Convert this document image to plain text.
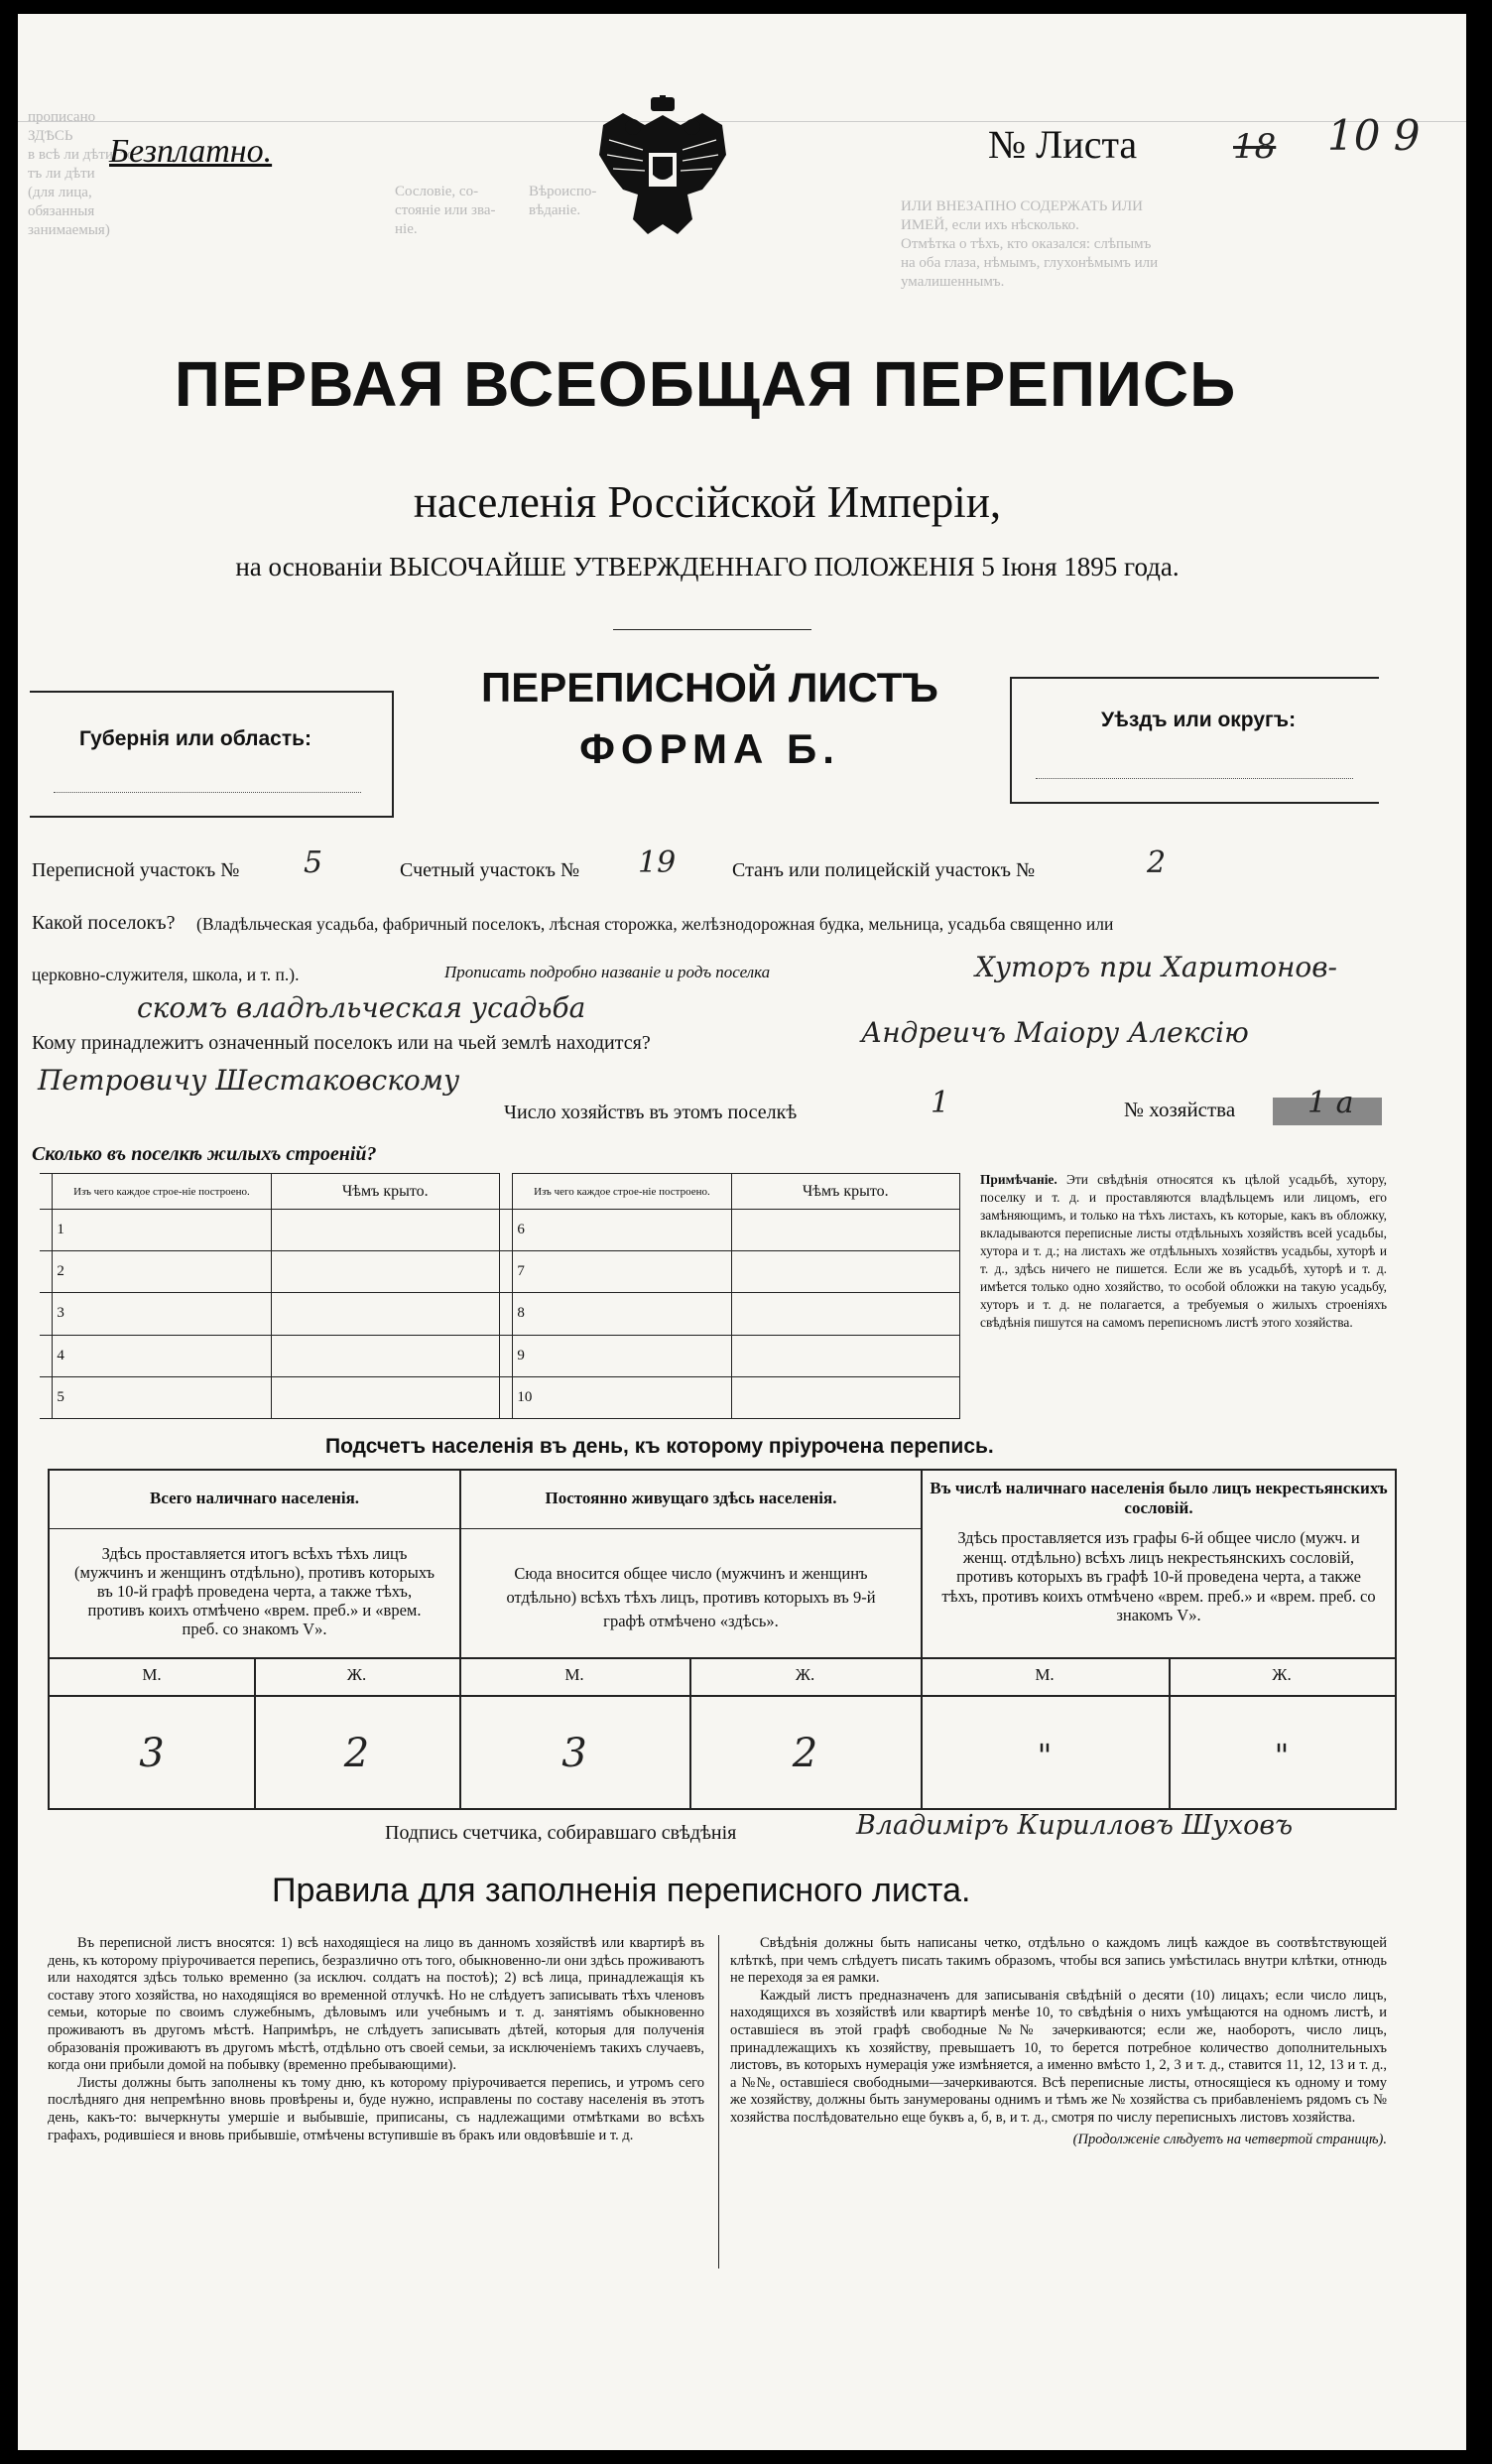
прописано ЗДѢСЬ
в всѣ ли дѣти, то
тъ ли дѣти
(для лица, обязанныя
занимаемыя)
Сословіе, со-
стояніе или зва-
ніе.
Вѣроиспо-
вѣданіе.	ИЛИ ВНЕЗАПНО СОДЕРЖАТЬ ИЛИ
ИМЕЙ, если ихъ нѣсколько.
Отмѣтка о тѣхъ, кто оказался: слѣпымъ
на оба глаза, нѣмымъ, глухонѣмымъ или
умалишеннымъ.
Безплатно.	№ Листа	18 10 9
ПЕРВАЯ ВСЕОБЩАЯ ПЕРЕПИСЬ
населенія Россійской Имперіи,
на основаніи ВЫСОЧАЙШЕ УТВЕРЖДЕННАГО ПОЛОЖЕНІЯ 5 Іюня 1895 года.
Губернія или область:
ПЕРЕПИСНОЙ ЛИСТЪ
ФОРМА Б.
Уѣздъ или округъ:
Переписной участокъ № 5	Счетный участокъ № 19	Станъ или полицейскій участокъ №	2
Какой поселокъ? (Владѣльческая усадьба, фабричный поселокъ, лѣсная сторожка, желѣзнодорожная будка, мельница, усадьба священно или
церковно-служителя, школа, и т. п.).	Прописать подробно названіе и родъ поселка	Хуторъ при Харитонов-
скомъ владѣльческая усадьба
Кому принадлежитъ означенный поселокъ или на чьей землѣ находится?	Андреичъ Маіору Алексію
Петровичу Шестаковскому
Число хозяйствъ въ этомъ поселкѣ	1	№ хозяйства 1 а
Сколько въ поселкѣ жилыхъ строеній?
	Изъ чего каждое строе-ніе построено.	Чѣмъ крыто.		Изъ чего каждое строе-ніе построено.	Чѣмъ крыто.
	1			6	
	2			7	
	3			8	
	4			9	
	5			10	
Примѣчаніе. Эти свѣдѣнія относятся къ цѣлой усадьбѣ, хутору, поселку и т. д. и проставляются владѣльцемъ или лицомъ, его замѣняющимъ, и только на тѣхъ листахъ, къ которые, какъ въ обложку, вкладываются переписные листы отдѣльныхъ хозяйствъ всей усадьбы, хутора и т. д.; на листахъ же отдѣльныхъ хозяйствъ усадьбы, хуторѣ и т. д., здѣсь ничего не пишется. Если же въ усадьбѣ, хуторѣ и т. д. имѣется только одно хозяйство, то особой обложки на такую усадьбу, хуторъ и т. д. не полагается, а требуемыя о жилыхъ строеніяхъ свѣдѣнія пишутся на самомъ переписномъ листѣ этого хозяйства.
Подсчетъ населенія въ день, къ которому пріурочена перепись.
Всего наличнаго населенія.
Здѣсь проставляется итогъ всѣхъ тѣхъ лицъ (мужчинъ и женщинъ отдѣльно), противъ которыхъ въ 10-й графѣ проведена черта, а также тѣхъ, противъ коихъ отмѣчено «врем. преб.» и «врем. преб. со знакомъ V».
Постоянно живущаго здѣсь населенія.
Сюда вносится общее число (мужчинъ и женщинъ отдѣльно) всѣхъ тѣхъ лицъ, противъ которыхъ въ 9-й графѣ отмѣчено «здѣсь».
Въ числѣ наличнаго населенія было лицъ некрестьянскихъ сословій.
Здѣсь проставляется изъ графы 6-й общее число (мужч. и женщ. отдѣльно) всѣхъ лицъ некрестьянскихъ сословій, противъ которыхъ въ графѣ 10-й проведена черта, а также тѣхъ, противъ коихъ отмѣчено «врем. преб.» и «врем. преб. со знакомъ V».
М.	Ж.	М.	Ж.	М.	Ж.
3	2	3	2	"	"
Подпись счетчика, собиравшаго свѣдѣнія	Владиміръ Кирилловъ Шуховъ
Правила для заполненія переписного листа.
Въ переписной листъ вносятся: 1) всѣ находящіеся на лицо въ данномъ хозяйствѣ или квартирѣ въ день, къ которому пріурочивается перепись, безразлично отъ того, обыкновенно-ли они здѣсь проживаютъ или находятся здѣсь только временно (за исключ. солдатъ на постоѣ); 2) всѣ лица, принадлежащія къ составу этого хозяйства, но находящіяся во временной отлучкѣ. Но не слѣдуетъ записывать тѣхъ членовъ семьи, которые по своимъ служебнымъ, дѣловымъ или учебнымъ и т. д. занятіямъ обыкновенно проживаютъ въ другомъ мѣстѣ. Напримѣръ, не слѣдуетъ записывать дѣтей, которыя для полученія образованія проживаютъ въ другомъ мѣстѣ, отдѣльно отъ своей семьи, за исключеніемъ такихъ случаевъ, когда они прибыли домой на побывку (временно пребывающими).
Листы должны быть заполнены къ тому дню, къ которому пріурочивается перепись, и утромъ сего послѣдняго дня непремѣнно вновь провѣрены и, буде нужно, исправлены по составу населенія въ этотъ день, какъ-то: вычеркнуты умершіе и выбывшіе, приписаны, съ надлежащими отмѣтками во всѣхъ графахъ, родившіеся и вновь прибывшіе, отмѣчены вступившіе въ бракъ или овдовѣвшіе и т. д.
Свѣдѣнія должны быть написаны четко, отдѣльно о каждомъ лицѣ каждое въ соотвѣтствующей клѣткѣ, при чемъ слѣдуетъ писать такимъ образомъ, чтобы вся запись умѣстилась внутри клѣтки, отнюдь не переходя за ея рамки.
Каждый листъ предназначенъ для записыванія свѣдѣній о десяти (10) лицахъ; если число лицъ, находящихся въ хозяйствѣ или квартирѣ менѣе 10, то свѣдѣнія о нихъ умѣщаются на одномъ листѣ, и оставшіеся въ этой графѣ свободные №№ зачеркиваются; если же, наоборотъ, число лицъ, принадлежащихъ къ хозяйству, превышаетъ 10, то берется потребное количество дополнительныхъ листовъ, въ которыхъ нумерація уже измѣняется, а именно вмѣсто 1, 2, 3 и т. д., ставится 11, 12, 13 и т. д., а №№, оставшіеся свободными—зачеркиваются. Всѣ переписные листы, относящіеся къ одному и тому же хозяйству, должны быть занумерованы однимъ и тѣмъ же № хозяйства съ прибавленіемъ рядомъ съ № хозяйства послѣдовательно еще буквъ а, б, в, и т. д., смотря по числу переписныхъ листовъ хозяйства.
(Продолженіе слѣдуетъ на четвертой страницѣ).
